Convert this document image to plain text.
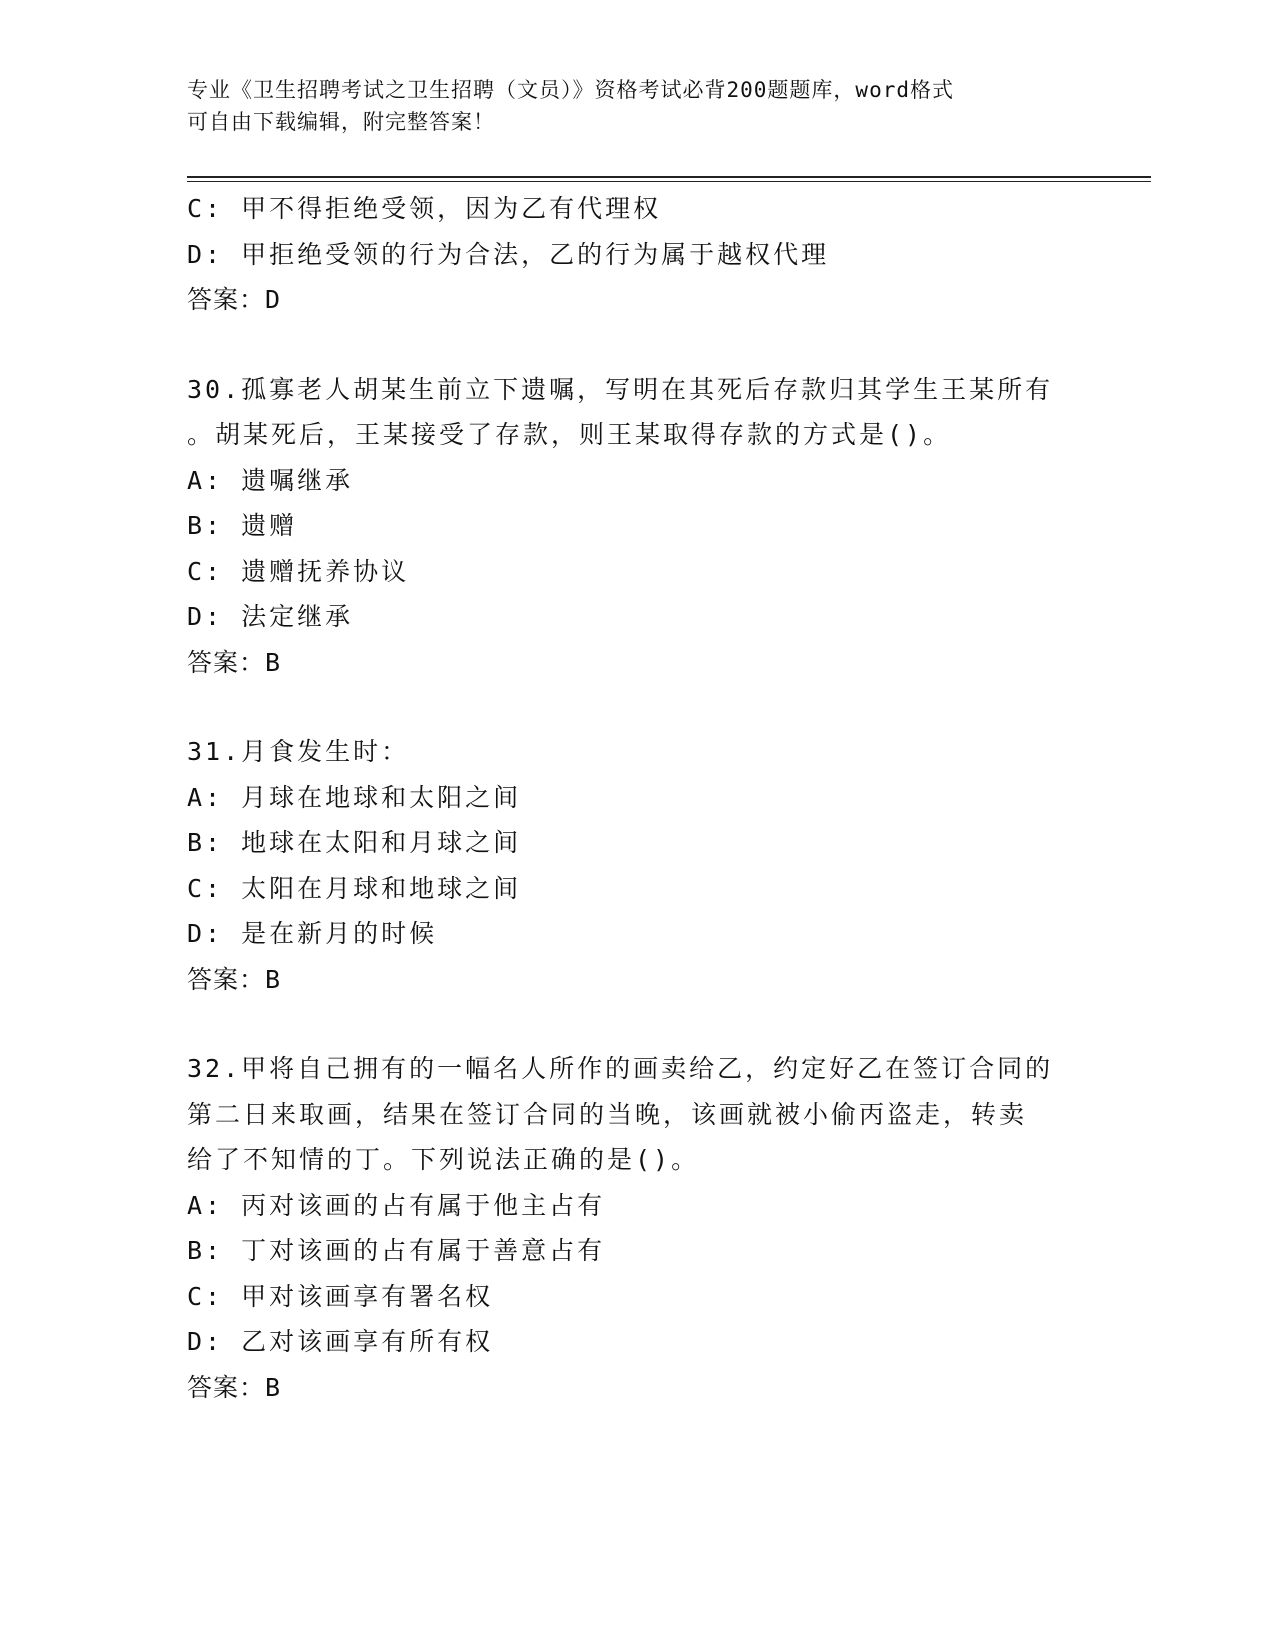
专业《卫生招聘考试之卫生招聘（文员）》资格考试必背200题题库，word格式
可自由下载编辑，附完整答案！
C: 甲不得拒绝受领，因为乙有代理权
D: 甲拒绝受领的行为合法，乙的行为属于越权代理
答案：D
30.孤寡老人胡某生前立下遗嘱，写明在其死后存款归其学生王某所有
。胡某死后，王某接受了存款，则王某取得存款的方式是()。
A: 遗嘱继承
B: 遗赠
C: 遗赠抚养协议
D: 法定继承
答案：B
31.月食发生时：
A: 月球在地球和太阳之间
B: 地球在太阳和月球之间
C: 太阳在月球和地球之间
D: 是在新月的时候
答案：B
32.甲将自己拥有的一幅名人所作的画卖给乙，约定好乙在签订合同的
第二日来取画，结果在签订合同的当晚，该画就被小偷丙盗走，转卖
给了不知情的丁。下列说法正确的是()。
A: 丙对该画的占有属于他主占有
B: 丁对该画的占有属于善意占有
C: 甲对该画享有署名权
D: 乙对该画享有所有权
答案：B
